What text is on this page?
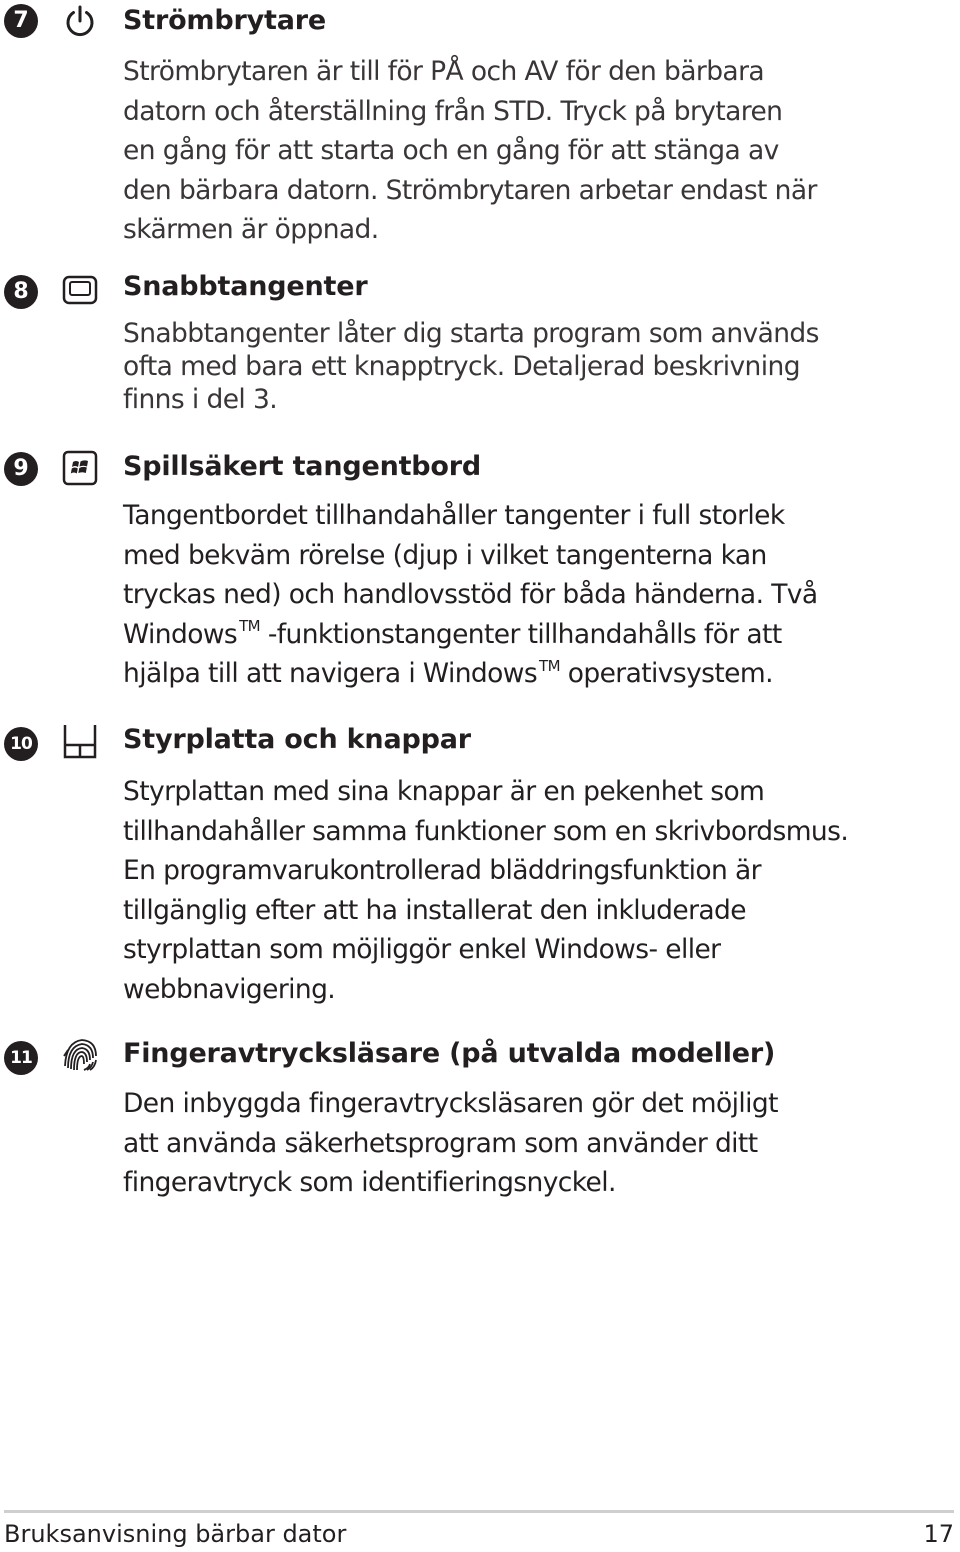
7	Strömbrytare

Strömbrytaren är till för PÅ och AV för den bärbara
datorn och återställning från STD. Tryck på brytaren
en gång för att starta och en gång för att stänga av
den bärbara datorn. Strömbrytaren arbetar endast när
skärmen är öppnad.

8	Snabbtangenter

Snabbtangenter låter dig starta program som används
ofta med bara ett knapptryck. Detaljerad beskrivning
finns i del 3.

9	Spillsäkert tangentbord

Tangentbordet tillhandahåller tangenter i full storlek
med bekväm rörelse (djup i vilket tangenterna kan
tryckas ned) och handlovsstöd för båda händerna. Två
Windows ™ -funktionstangenter tillhandahålls för att
hjälpa till att navigera i Windows ™ operativsystem.

10	Styrplatta och knappar

Styrplattan med sina knappar är en pekenhet som
tillhandahåller samma funktioner som en skrivbordsmus.
En programvarukontrollerad bläddringsfunktion är
tillgänglig efter att ha installerat den inkluderade
styrplattan som möjliggör enkel Windows- eller
webbnavigering.

11	Fingeravtrycksläsare (på utvalda modeller)

Den inbyggda fingeravtrycksläsaren gör det möjligt
att använda säkerhetsprogram som använder ditt
fingeravtryck som identifieringsnyckel.

Bruksanvisning bärbar dator	17
